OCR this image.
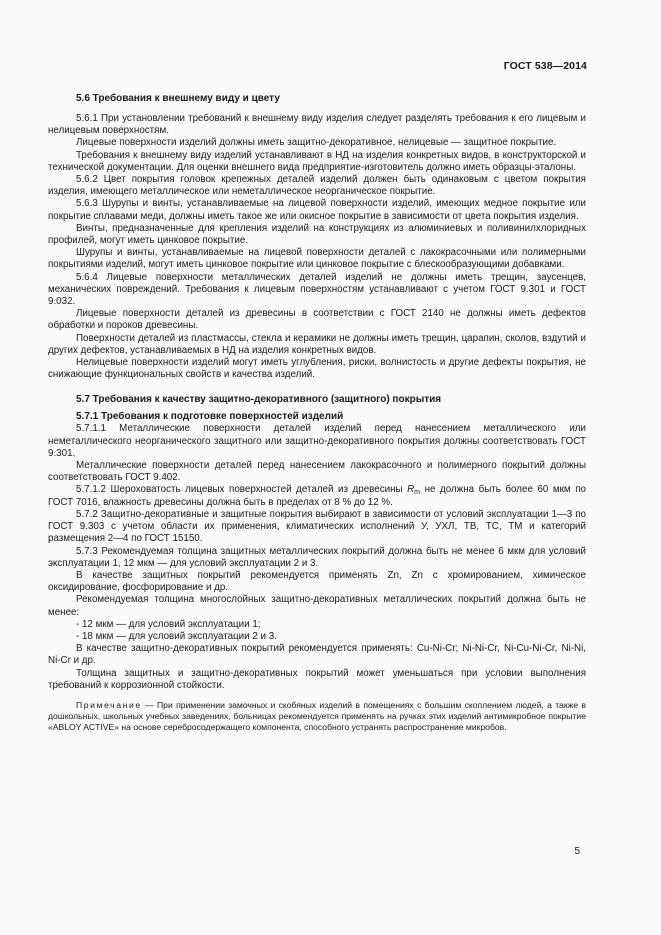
ГОСТ 538—2014
5.6 Требования к внешнему виду и цвету

5.6.1 При установлении требований к внешнему виду изделия следует разделять требования к его лицевым и нелицевым поверхностям.

Лицевые поверхности изделий должны иметь защитно-декоративное, нелицевые — защитное покрытие.

Требования к внешнему виду изделий устанавливают в НД на изделия конкретных видов, в конструкторской и технической документации. Для оценки внешнего вида предприятие-изготовитель должно иметь образцы-эталоны.

5.6.2 Цвет покрытия головок крепежных деталей изделий должен быть одинаковым с цветом покрытия изделия, имеющего металлическое или неметаллическое неорганическое покрытие.

5.6.3 Шурупы и винты, устанавливаемые на лицевой поверхности изделий, имеющих медное покрытие или покрытие сплавами меди, должны иметь такое же или окисное покрытие в зависимости от цвета покрытия изделия.

Винты, предназначенные для крепления изделий на конструкциях из алюминиевых и поливинилхлоридных профилей, могут иметь цинковое покрытие.

Шурупы и винты, устанавливаемые на лицевой поверхности деталей с лакокрасочными или полимерными покрытиями изделий, могут иметь цинковое покрытие или цинковое покрытие с блескообразующими добавками.

5.6.4 Лицевые поверхности металлических деталей изделий не должны иметь трещин, заусенцев, механических повреждений. Требования к лицевым поверхностям устанавливают с учетом ГОСТ 9.301 и ГОСТ 9.032.

Лицевые поверхности деталей из древесины в соответствии с ГОСТ 2140 не должны иметь дефектов обработки и пороков древесины.

Поверхности деталей из пластмассы, стекла и керамики не должны иметь трещин, царапин, сколов, вздутий и других дефектов, устанавливаемых в НД на изделия конкретных видов.

Нелицевые поверхности изделий могут иметь углубления, риски, волнистость и другие дефекты покрытия, не снижающие функциональных свойств и качества изделий.

5.7 Требования к качеству защитно-декоративного (защитного) покрытия
5.7.1 Требования к подготовке поверхностей изделий

5.7.1.1 Металлические поверхности деталей изделий перед нанесением металлического или неметаллического неорганического защитного или защитно-декоративного покрытия должны соответствовать ГОСТ 9.301.

Металлические поверхности деталей перед нанесением лакокрасочного и полимерного покрытий должны соответствовать ГОСТ 9.402.

5.7.1.2 Шероховатость лицевых поверхностей деталей из древесины $R_m$ не должна быть более 60 мкм по ГОСТ 7016, влажность древесины должна быть в пределах от 8 % до 12 %.

5.7.2 Защитно-декоративные и защитные покрытия выбирают в зависимости от условий эксплуатации 1—3 по ГОСТ 9.303 с учетом области их применения, климатических исполнений У, УХЛ, ТВ, ТС, ТМ и категорий размещения 2—4 по ГОСТ 15150.

5.7.3 Рекомендуемая толщина защитных металлических покрытий должна быть не менее 6 мкм для условий эксплуатации 1, 12 мкм — для условий эксплуатации 2 и 3.

В качестве защитных покрытий рекомендуется применять Zn, Zn с хромированием, химическое оксидирование, фосфорирование и др.

Рекомендуемая толщина многослойных защитно-декоративных металлических покрытий должна быть не менее:

- 12 мкм — для условий эксплуатации 1;

- 18 мкм — для условий эксплуатации 2 и 3.

В качестве защитно-декоративных покрытий рекомендуется применять: Cu-Ni-Cr; Ni-Ni-Cr, Ni-Cu-Ni-Cr, Ni-Ni, Ni-Cr и др.

Толщина защитных и защитно-декоративных покрытий может уменьшаться при условии выполнения требований к коррозионной стойкости.

Примечание — При применении замочных и скобяных изделий в помещениях с большим скоплением людей, а также в дошкольных, школьных учебных заведениях, больницах рекомендуется применять на ручках этих изделий антимикробное покрытие «ABLOY ACTIVE» на основе серебросодержащего компонента, способного устранять распространение микробов.

5
